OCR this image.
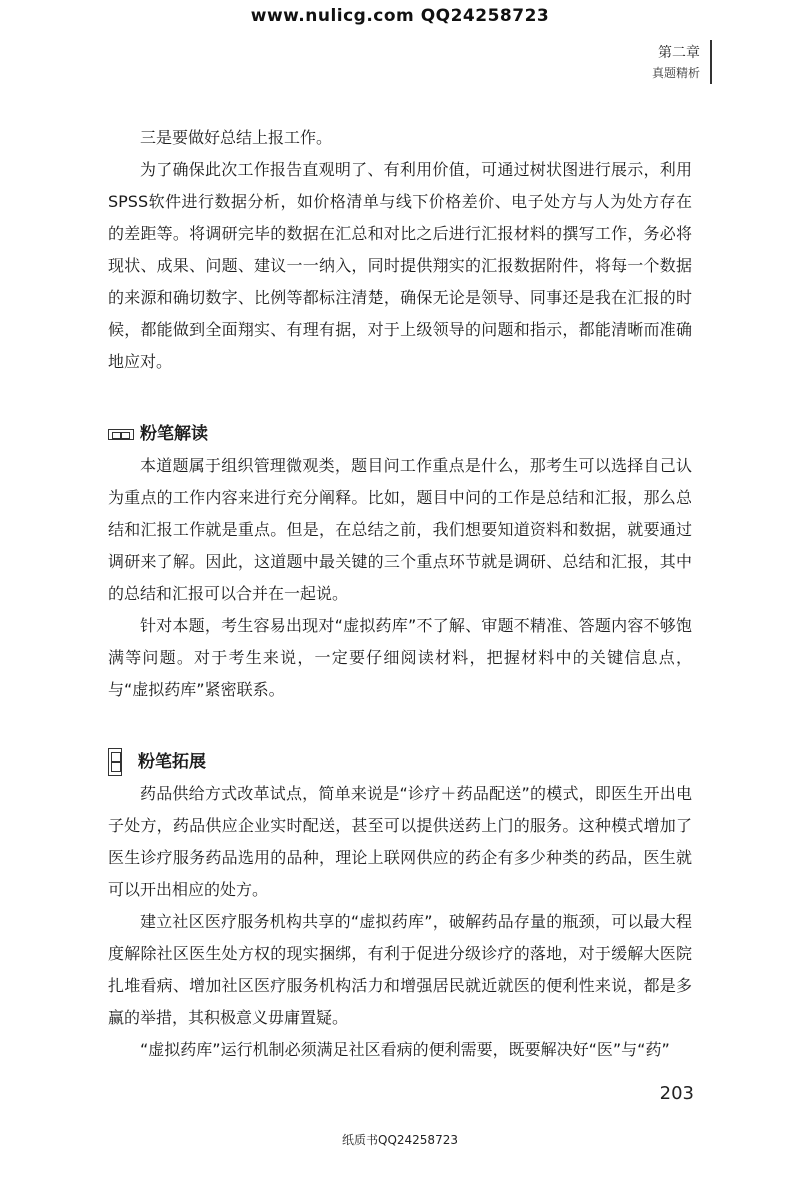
www.nulicg.com QQ24258723
第二章
真题精析

三是要做好总结上报工作。

为了确保此次工作报告直观明了、有利用价值，可通过树状图进行展示，利用SPSS软件进行数据分析，如价格清单与线下价格差价、电子处方与人为处方存在的差距等。将调研完毕的数据在汇总和对比之后进行汇报材料的撰写工作，务必将现状、成果、问题、建议一一纳入，同时提供翔实的汇报数据附件，将每一个数据的来源和确切数字、比例等都标注清楚，确保无论是领导、同事还是我在汇报的时候，都能做到全面翔实、有理有据，对于上级领导的问题和指示，都能清晰而准确地应对。

粉笔解读

本道题属于组织管理微观类，题目问工作重点是什么，那考生可以选择自己认为重点的工作内容来进行充分阐释。比如，题目中问的工作是总结和汇报，那么总结和汇报工作就是重点。但是，在总结之前，我们想要知道资料和数据，就要通过调研来了解。因此，这道题中最关键的三个重点环节就是调研、总结和汇报，其中的总结和汇报可以合并在一起说。

针对本题，考生容易出现对“虚拟药库”不了解、审题不精准、答题内容不够饱满等问题。对于考生来说，一定要仔细阅读材料，把握材料中的关键信息点，与“虚拟药库”紧密联系。

粉笔拓展

药品供给方式改革试点，简单来说是“诊疗＋药品配送”的模式，即医生开出电子处方，药品供应企业实时配送，甚至可以提供送药上门的服务。这种模式增加了医生诊疗服务药品选用的品种，理论上联网供应的药企有多少种类的药品，医生就可以开出相应的处方。

建立社区医疗服务机构共享的“虚拟药库”，破解药品存量的瓶颈，可以最大程度解除社区医生处方权的现实捆绑，有利于促进分级诊疗的落地，对于缓解大医院扎堆看病、增加社区医疗服务机构活力和增强居民就近就医的便利性来说，都是多赢的举措，其积极意义毋庸置疑。

“虚拟药库”运行机制必须满足社区看病的便利需要，既要解决好“医”与“药”

203
纸质书QQ24258723
